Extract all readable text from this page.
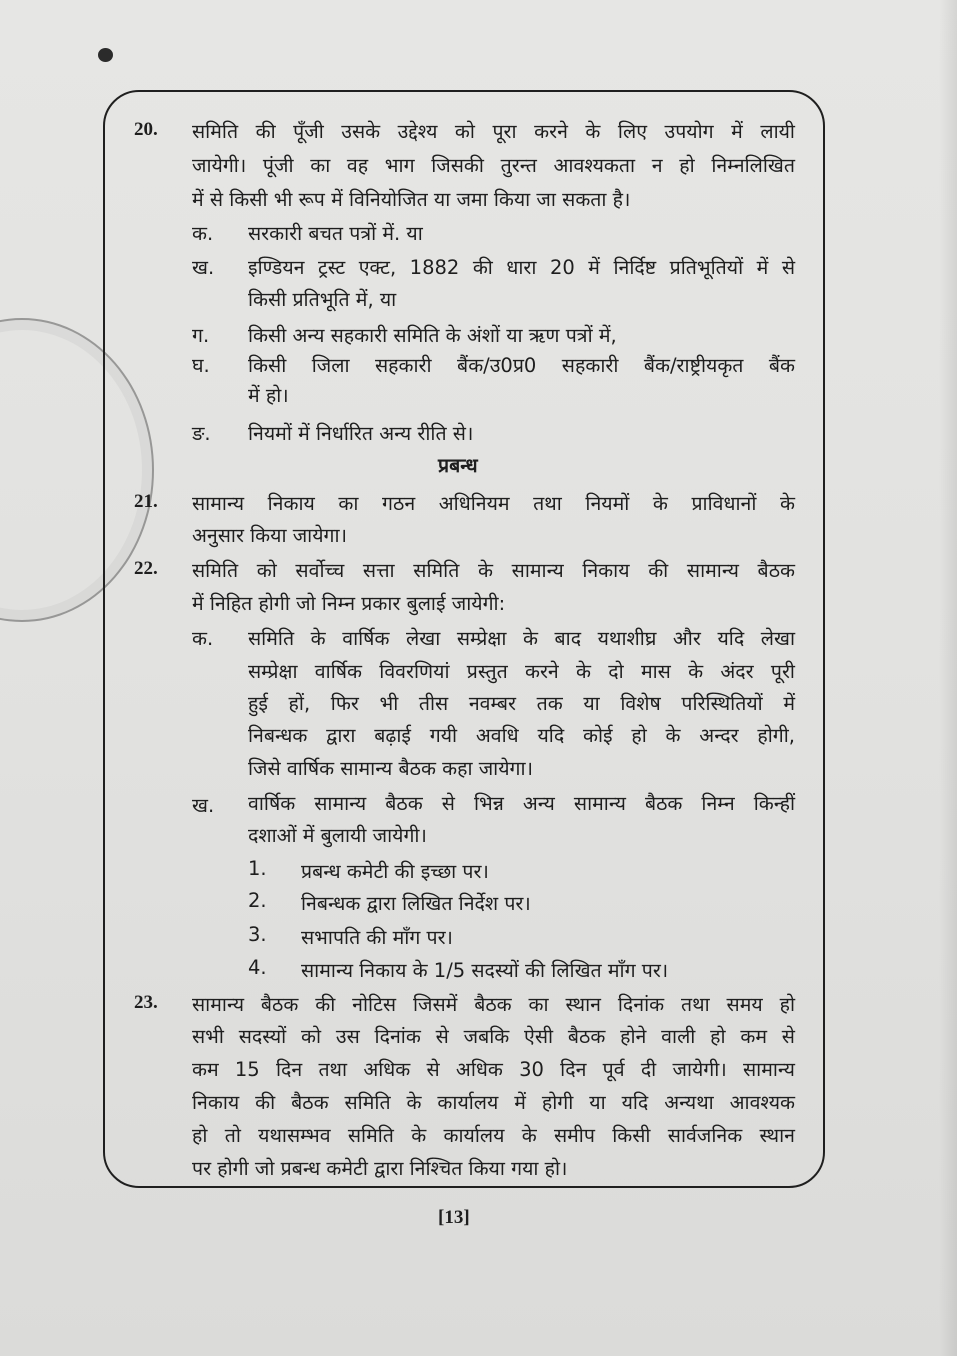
20. समिति की पूँजी उसके उद्देश्य को पूरा करने के लिए उपयोग में लायी
जायेगी। पूंजी का वह भाग जिसकी तुरन्त आवश्यकता न हो निम्नलिखित
में से किसी भी रूप में विनियोजित या जमा किया जा सकता है।
क. सरकारी बचत पत्रों में. या
ख. इण्डियन ट्रस्ट एक्ट, 1882 की धारा 20 में निर्दिष्ट प्रतिभूतियों में से
किसी प्रतिभूति में, या
ग. किसी अन्य सहकारी समिति के अंशों या ऋण पत्रों में,
घ. किसी जिला सहकारी बैंक/उ0प्र0 सहकारी बैंक/राष्ट्रीयकृत बैंक
में हो।
ङ. नियमों में निर्धारित अन्य रीति से।
प्रबन्ध
21. सामान्य निकाय का गठन अधिनियम तथा नियमों के प्राविधानों के
अनुसार किया जायेगा।
22. समिति को सर्वोच्च सत्ता समिति के सामान्य निकाय की सामान्य बैठक
में निहित होगी जो निम्न प्रकार बुलाई जायेगी:
क. समिति के वार्षिक लेखा सम्प्रेक्षा के बाद यथाशीघ्र और यदि लेखा
सम्प्रेक्षा वार्षिक विवरणियां प्रस्तुत करने के दो मास के अंदर पूरी
हुई हों, फिर भी तीस नवम्बर तक या विशेष परिस्थितियों में
निबन्धक द्वारा बढ़ाई गयी अवधि यदि कोई हो के अन्दर होगी,
जिसे वार्षिक सामान्य बैठक कहा जायेगा।
ख. वार्षिक सामान्य बैठक से भिन्न अन्य सामान्य बैठक निम्न किन्हीं
दशाओं में बुलायी जायेगी।
1. प्रबन्ध कमेटी की इच्छा पर।
2. निबन्धक द्वारा लिखित निर्देश पर।
3. सभापति की माँग पर।
4. सामान्य निकाय के 1/5 सदस्यों की लिखित माँग पर।
23. सामान्य बैठक की नोटिस जिसमें बैठक का स्थान दिनांक तथा समय हो
सभी सदस्यों को उस दिनांक से जबकि ऐसी बैठक होने वाली हो कम से
कम 15 दिन तथा अधिक से अधिक 30 दिन पूर्व दी जायेगी। सामान्य
निकाय की बैठक समिति के कार्यालय में होगी या यदि अन्यथा आवश्यक
हो तो यथासम्भव समिति के कार्यालय के समीप किसी सार्वजनिक स्थान
पर होगी जो प्रबन्ध कमेटी द्वारा निश्चित किया गया हो।
[13]
